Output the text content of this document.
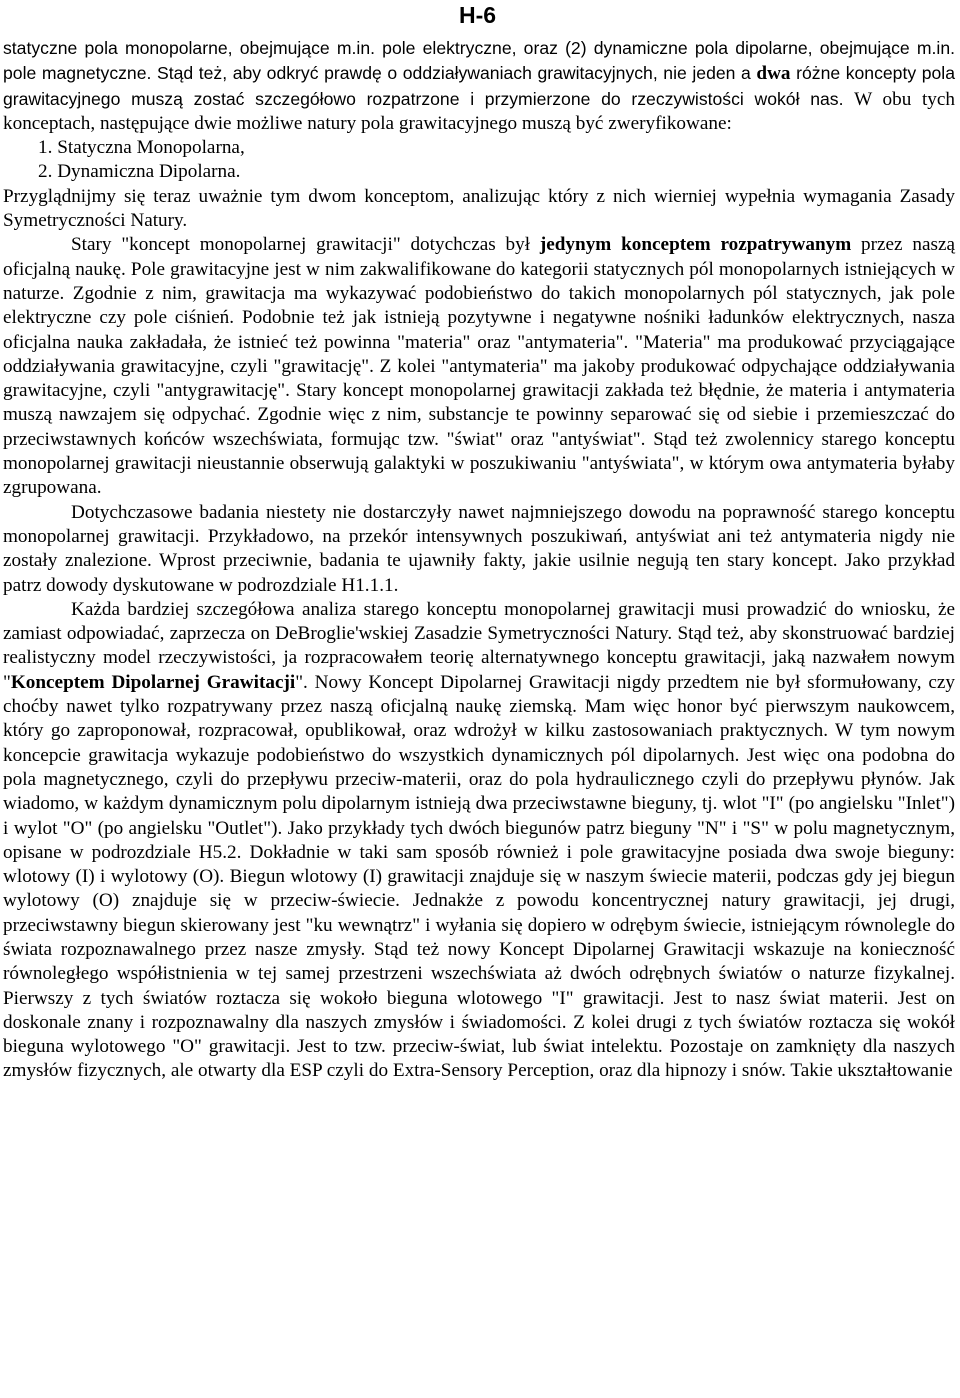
H-6

statyczne pola monopolarne, obejmujące m.in. pole elektryczne, oraz (2) dynamiczne pola dipolarne, obejmujące m.in. pole magnetyczne. Stąd też, aby odkryć prawdę o oddziaływaniach grawitacyjnych, nie jeden a dwa różne koncepty pola grawitacyjnego muszą zostać szczegółowo rozpatrzone i przymierzone do rzeczywistości wokół nas. W obu tych konceptach, następujące dwie możliwe natury pola grawitacyjnego muszą być zweryfikowane:

1. Statyczna Monopolarna,

2. Dynamiczna Dipolarna.

Przyglądnijmy się teraz uważnie tym dwom konceptom, analizując który z nich wierniej wypełnia wymagania Zasady Symetryczności Natury.

Stary "koncept monopolarnej grawitacji" dotychczas był jedynym konceptem rozpatrywanym przez naszą oficjalną naukę. Pole grawitacyjne jest w nim zakwalifikowane do kategorii statycznych pól monopolarnych istniejących w naturze. Zgodnie z nim, grawitacja ma wykazywać podobieństwo do takich monopolarnych pól statycznych, jak pole elektryczne czy pole ciśnień. Podobnie też jak istnieją pozytywne i negatywne nośniki ładunków elektrycznych, nasza oficjalna nauka zakładała, że istnieć też powinna "materia" oraz "antymateria". "Materia" ma produkować przyciągające oddziaływania grawitacyjne, czyli "grawitację". Z kolei "antymateria" ma jakoby produkować odpychające oddziaływania grawitacyjne, czyli "antygrawitację". Stary koncept monopolarnej grawitacji zakłada też błędnie, że materia i antymateria muszą nawzajem się odpychać. Zgodnie więc z nim, substancje te powinny separować się od siebie i przemieszczać do przeciwstawnych końców wszechświata, formując tzw. "świat" oraz "antyświat". Stąd też zwolennicy starego konceptu monopolarnej grawitacji nieustannie obserwują galaktyki w poszukiwaniu "antyświata", w którym owa antymateria byłaby zgrupowana.

Dotychczasowe badania niestety nie dostarczyły nawet najmniejszego dowodu na poprawność starego konceptu monopolarnej grawitacji. Przykładowo, na przekór intensywnych poszukiwań, antyświat ani też antymateria nigdy nie zostały znalezione. Wprost przeciwnie, badania te ujawniły fakty, jakie usilnie negują ten stary koncept. Jako przykład patrz dowody dyskutowane w podrozdziale H1.1.1.

Każda bardziej szczegółowa analiza starego konceptu monopolarnej grawitacji musi prowadzić do wniosku, że zamiast odpowiadać, zaprzecza on DeBroglie'wskiej Zasadzie Symetryczności Natury. Stąd też, aby skonstruować bardziej realistyczny model rzeczywistości, ja rozpracowałem teorię alternatywnego konceptu grawitacji, jaką nazwałem nowym "Konceptem Dipolarnej Grawitacji". Nowy Koncept Dipolarnej Grawitacji nigdy przedtem nie był sformułowany, czy choćby nawet tylko rozpatrywany przez naszą oficjalną naukę ziemską. Mam więc honor być pierwszym naukowcem, który go zaproponował, rozpracował, opublikował, oraz wdrożył w kilku zastosowaniach praktycznych. W tym nowym koncepcie grawitacja wykazuje podobieństwo do wszystkich dynamicznych pól dipolarnych. Jest więc ona podobna do pola magnetycznego, czyli do przepływu przeciw-materii, oraz do pola hydraulicznego czyli do przepływu płynów. Jak wiadomo, w każdym dynamicznym polu dipolarnym istnieją dwa przeciwstawne bieguny, tj. wlot "I" (po angielsku "Inlet") i wylot "O" (po angielsku "Outlet"). Jako przykłady tych dwóch biegunów patrz bieguny "N" i "S" w polu magnetycznym, opisane w podrozdziale H5.2. Dokładnie w taki sam sposób również i pole grawitacyjne posiada dwa swoje bieguny: wlotowy (I) i wylotowy (O). Biegun wlotowy (I) grawitacji znajduje się w naszym świecie materii, podczas gdy jej biegun wylotowy (O) znajduje się w przeciw-świecie. Jednakże z powodu koncentrycznej natury grawitacji, jej drugi, przeciwstawny biegun skierowany jest "ku wewnątrz" i wyłania się dopiero w odrębym świecie, istniejącym równolegle do świata rozpoznawalnego przez nasze zmysły. Stąd też nowy Koncept Dipolarnej Grawitacji wskazuje na konieczność równoległego współistnienia w tej samej przestrzeni wszechświata aż dwóch odrębnych światów o naturze fizykalnej. Pierwszy z tych światów roztacza się wokoło bieguna wlotowego "I" grawitacji. Jest to nasz świat materii. Jest on doskonale znany i rozpoznawalny dla naszych zmysłów i świadomości. Z kolei drugi z tych światów roztacza się wokół bieguna wylotowego "O" grawitacji. Jest to tzw. przeciw-świat, lub świat intelektu. Pozostaje on zamknięty dla naszych zmysłów fizycznych, ale otwarty dla ESP czyli do Extra-Sensory Perception, oraz dla hipnozy i snów. Takie ukształtowanie
